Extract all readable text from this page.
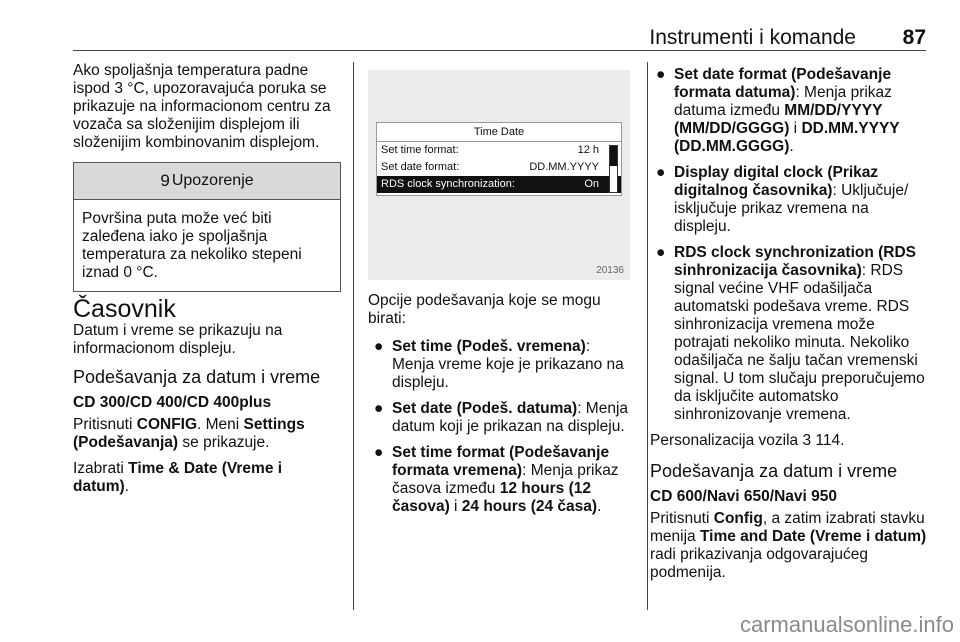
Instrumenti i komande 87

Ako spoljašnja temperatura padne ispod 3 °C, upozoravajuća poruka se prikazuje na informacionom centru za vozača sa složenijim displejom ili složenijim kombinovanim displejom.

9 Upozorenje
Površina puta može već biti zaleđena iako je spoljašnja temperatura za nekoliko stepeni iznad 0 °C.
Časovnik

Datum i vreme se prikazuju na informacionom displeju.

Podešavanja za datum i vreme
CD 300/CD 400/CD 400plus

Pritisnuti CONFIG. Meni Settings (Podešavanja) se prikazuje.

Izabrati Time & Date (Vreme i datum).

Time Date
Set time format:	12 h
Set date format:	DD.MM.YYYY
RDS clock synchronization:	On
20136

Opcije podešavanja koje se mogu birati:

● Set time (Podeš. vremena): Menja vreme koje je prikazano na displeju.
● Set date (Podeš. datuma): Menja datum koji je prikazan na displeju.
● Set time format (Podešavanje formata vremena): Menja prikaz časova između 12 hours (12 časova) i 24 hours (24 časa).
● Set date format (Podešavanje formata datuma): Menja prikaz datuma između MM/DD/YYYY (MM/DD/GGGG) i DD.MM.YYYY (DD.MM.GGGG).
● Display digital clock (Prikaz digitalnog časovnika): Uključuje/ isključuje prikaz vremena na displeju.
● RDS clock synchronization (RDS sinhronizacija časovnika): RDS signal većine VHF odašiljača automatski podešava vreme. RDS sinhronizacija vremena može potrajati nekoliko minuta. Nekoliko odašiljača ne šalju tačan vremenski signal. U tom slučaju preporučujemo da isključite automatsko sinhronizovanje vremena.

Personalizacija vozila 3 114.

Podešavanja za datum i vreme
CD 600/Navi 650/Navi 950

Pritisnuti Config, a zatim izabrati stavku menija Time and Date (Vreme i datum) radi prikazivanja odgovarajućeg podmenija.

carmanualsonline.info
